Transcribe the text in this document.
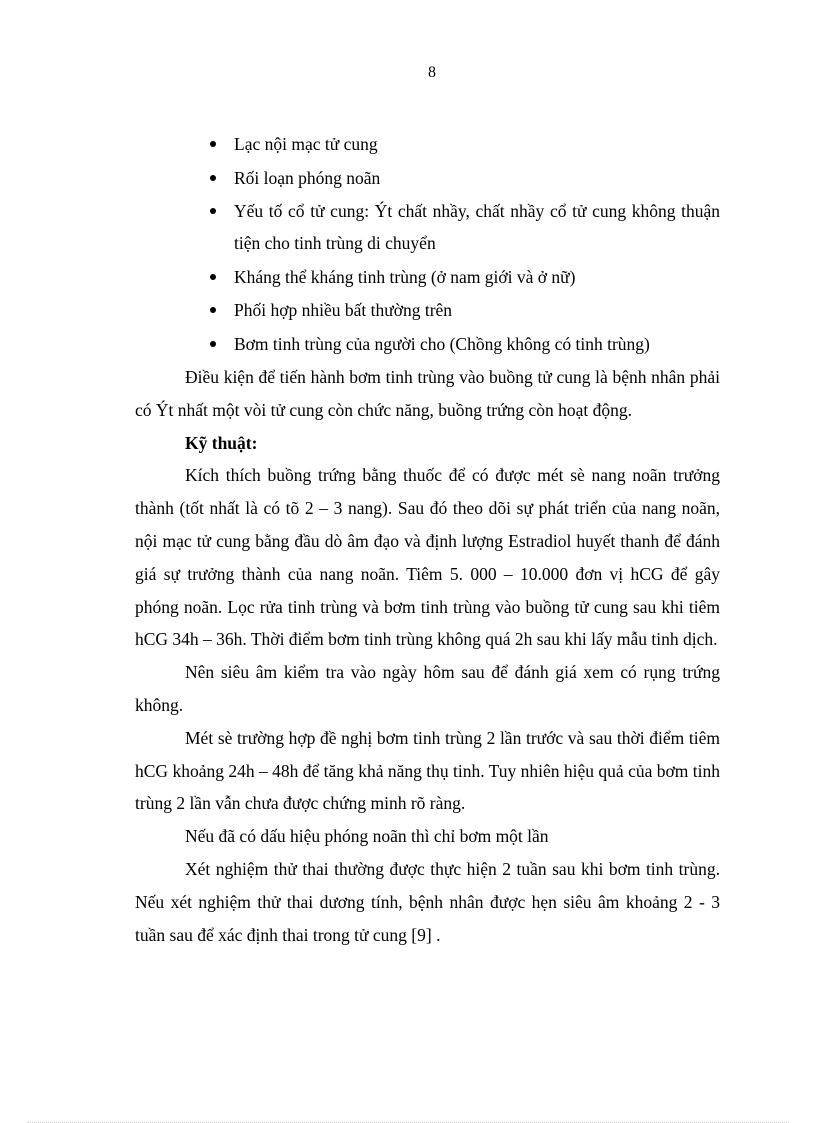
8
Lạc nội mạc tử cung
Rối loạn phóng noãn
Yếu tố cổ tử cung: Ýt chất nhầy, chất nhầy cổ tử cung không thuận tiện cho tinh trùng di chuyển
Kháng thể kháng tinh trùng (ở nam giới và ở nữ)
Phối hợp nhiều bất thường trên
Bơm tinh trùng của người cho (Chồng không có tinh trùng)

Điều kiện để tiến hành bơm tinh trùng vào buồng tử cung là bệnh nhân phải có Ýt nhất một vòi tử cung còn chức năng, buồng trứng còn hoạt động.

Kỹ thuật:

Kích thích buồng trứng bằng thuốc để có được mét sè nang noãn trưởng thành (tốt nhất là có tõ 2 – 3 nang). Sau đó theo dõi sự phát triển của nang noãn, nội mạc tử cung bằng đầu dò âm đạo và định lượng Estradiol huyết thanh để đánh giá sự trưởng thành của nang noãn. Tiêm 5. 000 – 10.000 đơn vị hCG để gây phóng noãn. Lọc rửa tinh trùng và bơm tinh trùng vào buồng tử cung sau khi tiêm hCG 34h – 36h. Thời điểm bơm tinh trùng không quá 2h sau khi lấy mẫu tinh dịch.

Nên siêu âm kiểm tra vào ngày hôm sau để đánh giá xem có rụng trứng không.

Mét sè trường hợp đề nghị bơm tinh trùng 2 lần trước và sau thời điểm tiêm hCG khoảng 24h – 48h để tăng khả năng thụ tinh. Tuy nhiên hiệu quả của bơm tinh trùng 2 lần vẫn chưa được chứng minh rõ ràng.

Nếu đã có dấu hiệu phóng noãn thì chỉ bơm một lần

Xét nghiệm thử thai thường được thực hiện 2 tuần sau khi bơm tinh trùng. Nếu xét nghiệm thử thai dương tính, bệnh nhân được hẹn siêu âm khoảng 2 - 3 tuần sau để xác định thai trong tử cung [9] .
